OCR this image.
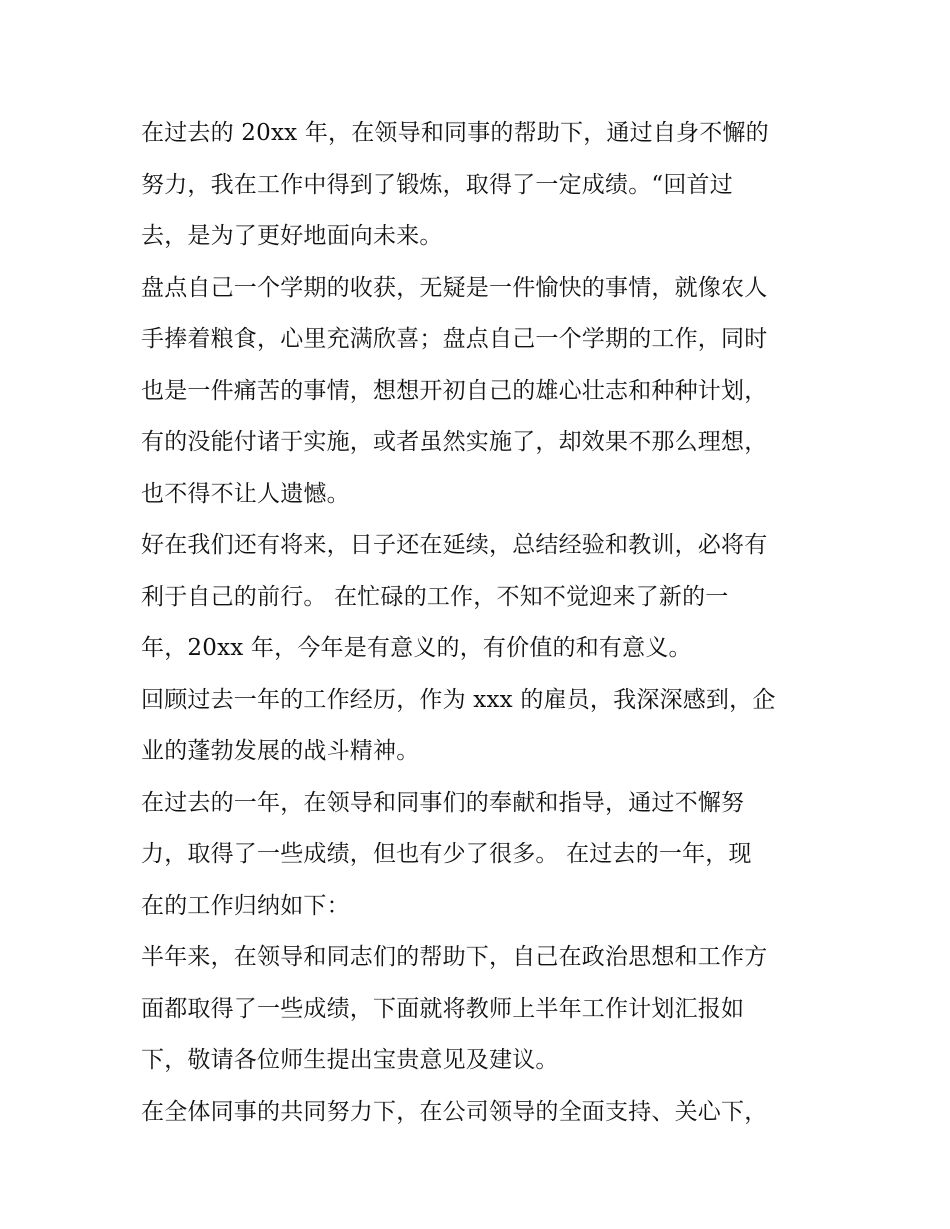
在过去的 20xx 年，在领导和同事的帮助下，通过自身不懈的
努力，我在工作中得到了锻炼，取得了一定成绩。“回首过
去，是为了更好地面向未来。
盘点自己一个学期的收获，无疑是一件愉快的事情，就像农人
手捧着粮食，心里充满欣喜；盘点自己一个学期的工作，同时
也是一件痛苦的事情，想想开初自己的雄心壮志和种种计划，
有的没能付诸于实施，或者虽然实施了，却效果不那么理想，
也不得不让人遗憾。
好在我们还有将来，日子还在延续，总结经验和教训，必将有
利于自己的前行。 在忙碌的工作，不知不觉迎来了新的一
年，20xx 年，今年是有意义的，有价值的和有意义。
回顾过去一年的工作经历，作为 xxx 的雇员，我深深感到，企
业的蓬勃发展的战斗精神。
在过去的一年，在领导和同事们的奉献和指导，通过不懈努
力，取得了一些成绩，但也有少了很多。 在过去的一年，现
在的工作归纳如下：
半年来，在领导和同志们的帮助下，自己在政治思想和工作方
面都取得了一些成绩，下面就将教师上半年工作计划汇报如
下，敬请各位师生提出宝贵意见及建议。
在全体同事的共同努力下，在公司领导的全面支持、关心下，
